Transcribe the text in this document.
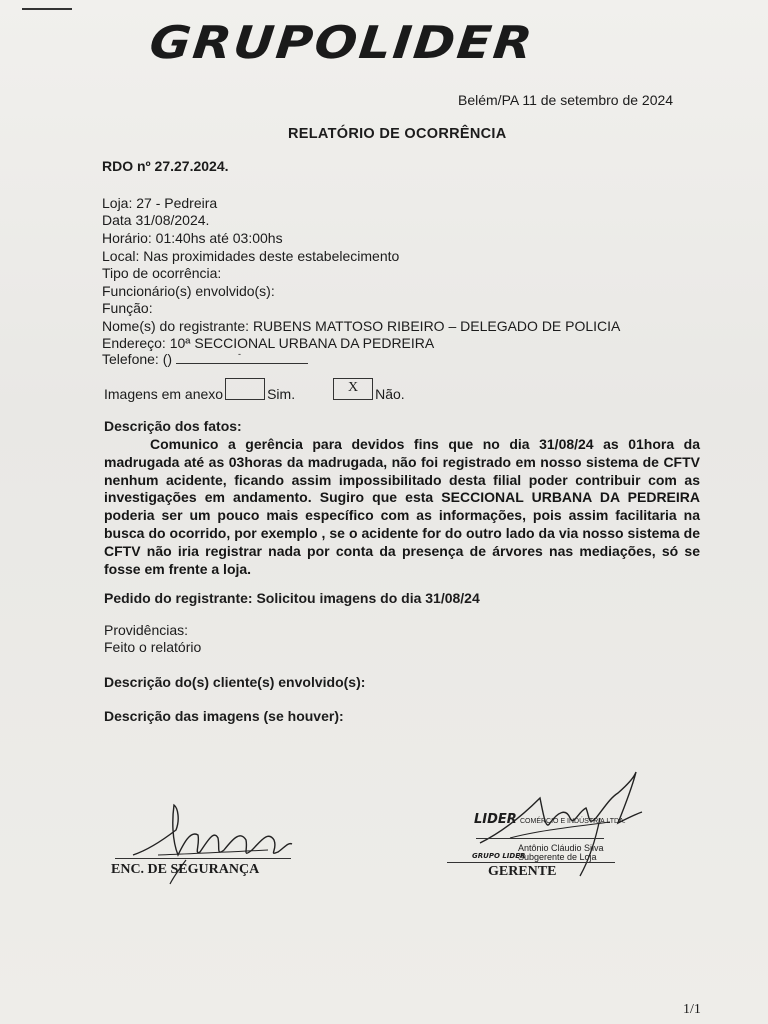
GRUPOLIDER
Belém/PA 11 de setembro de 2024
RELATÓRIO DE OCORRÊNCIA
RDO nº 27.27.2024.
Loja: 27 - Pedreira
Data 31/08/2024.
Horário: 01:40hs até 03:00hs
Local: Nas proximidades deste estabelecimento
Tipo de ocorrência:
Funcionário(s) envolvido(s):
Função:
Nome(s) do registrante: RUBENS MATTOSO RIBEIRO – DELEGADO DE POLICIA
Endereço: 10ª SECCIONAL URBANA DA PEDREIRA
Telefone: ()	-
Imagens em anexo	Sim.	X	Não.
Descrição dos fatos:
Comunico a gerência para devidos fins que no dia 31/08/24 as 01hora da madrugada até as 03horas da madrugada, não foi registrado em nosso sistema de CFTV nenhum acidente, ficando assim impossibilitado desta filial poder contribuir com as investigações em andamento. Sugiro que esta SECCIONAL URBANA DA PEDREIRA poderia ser um pouco mais específico com as informações, pois assim facilitaria na busca do ocorrido, por exemplo , se o acidente for do outro lado da via nosso sistema de CFTV não iria registrar nada por conta da presença de árvores nas mediações, só se fosse em frente a loja.
Pedido do registrante: Solicitou imagens do dia 31/08/24
Providências:
Feito o relatório
Descrição do(s) cliente(s) envolvido(s):
Descrição das imagens (se houver):
ENC. DE SEGURANÇA
LIDER COMÉRCIO E INDÚSTRIA LTDA.
Antônio Cláudio Silva
GRUPO LIDER
Subgerente de Loja
GERENTE
1/1
